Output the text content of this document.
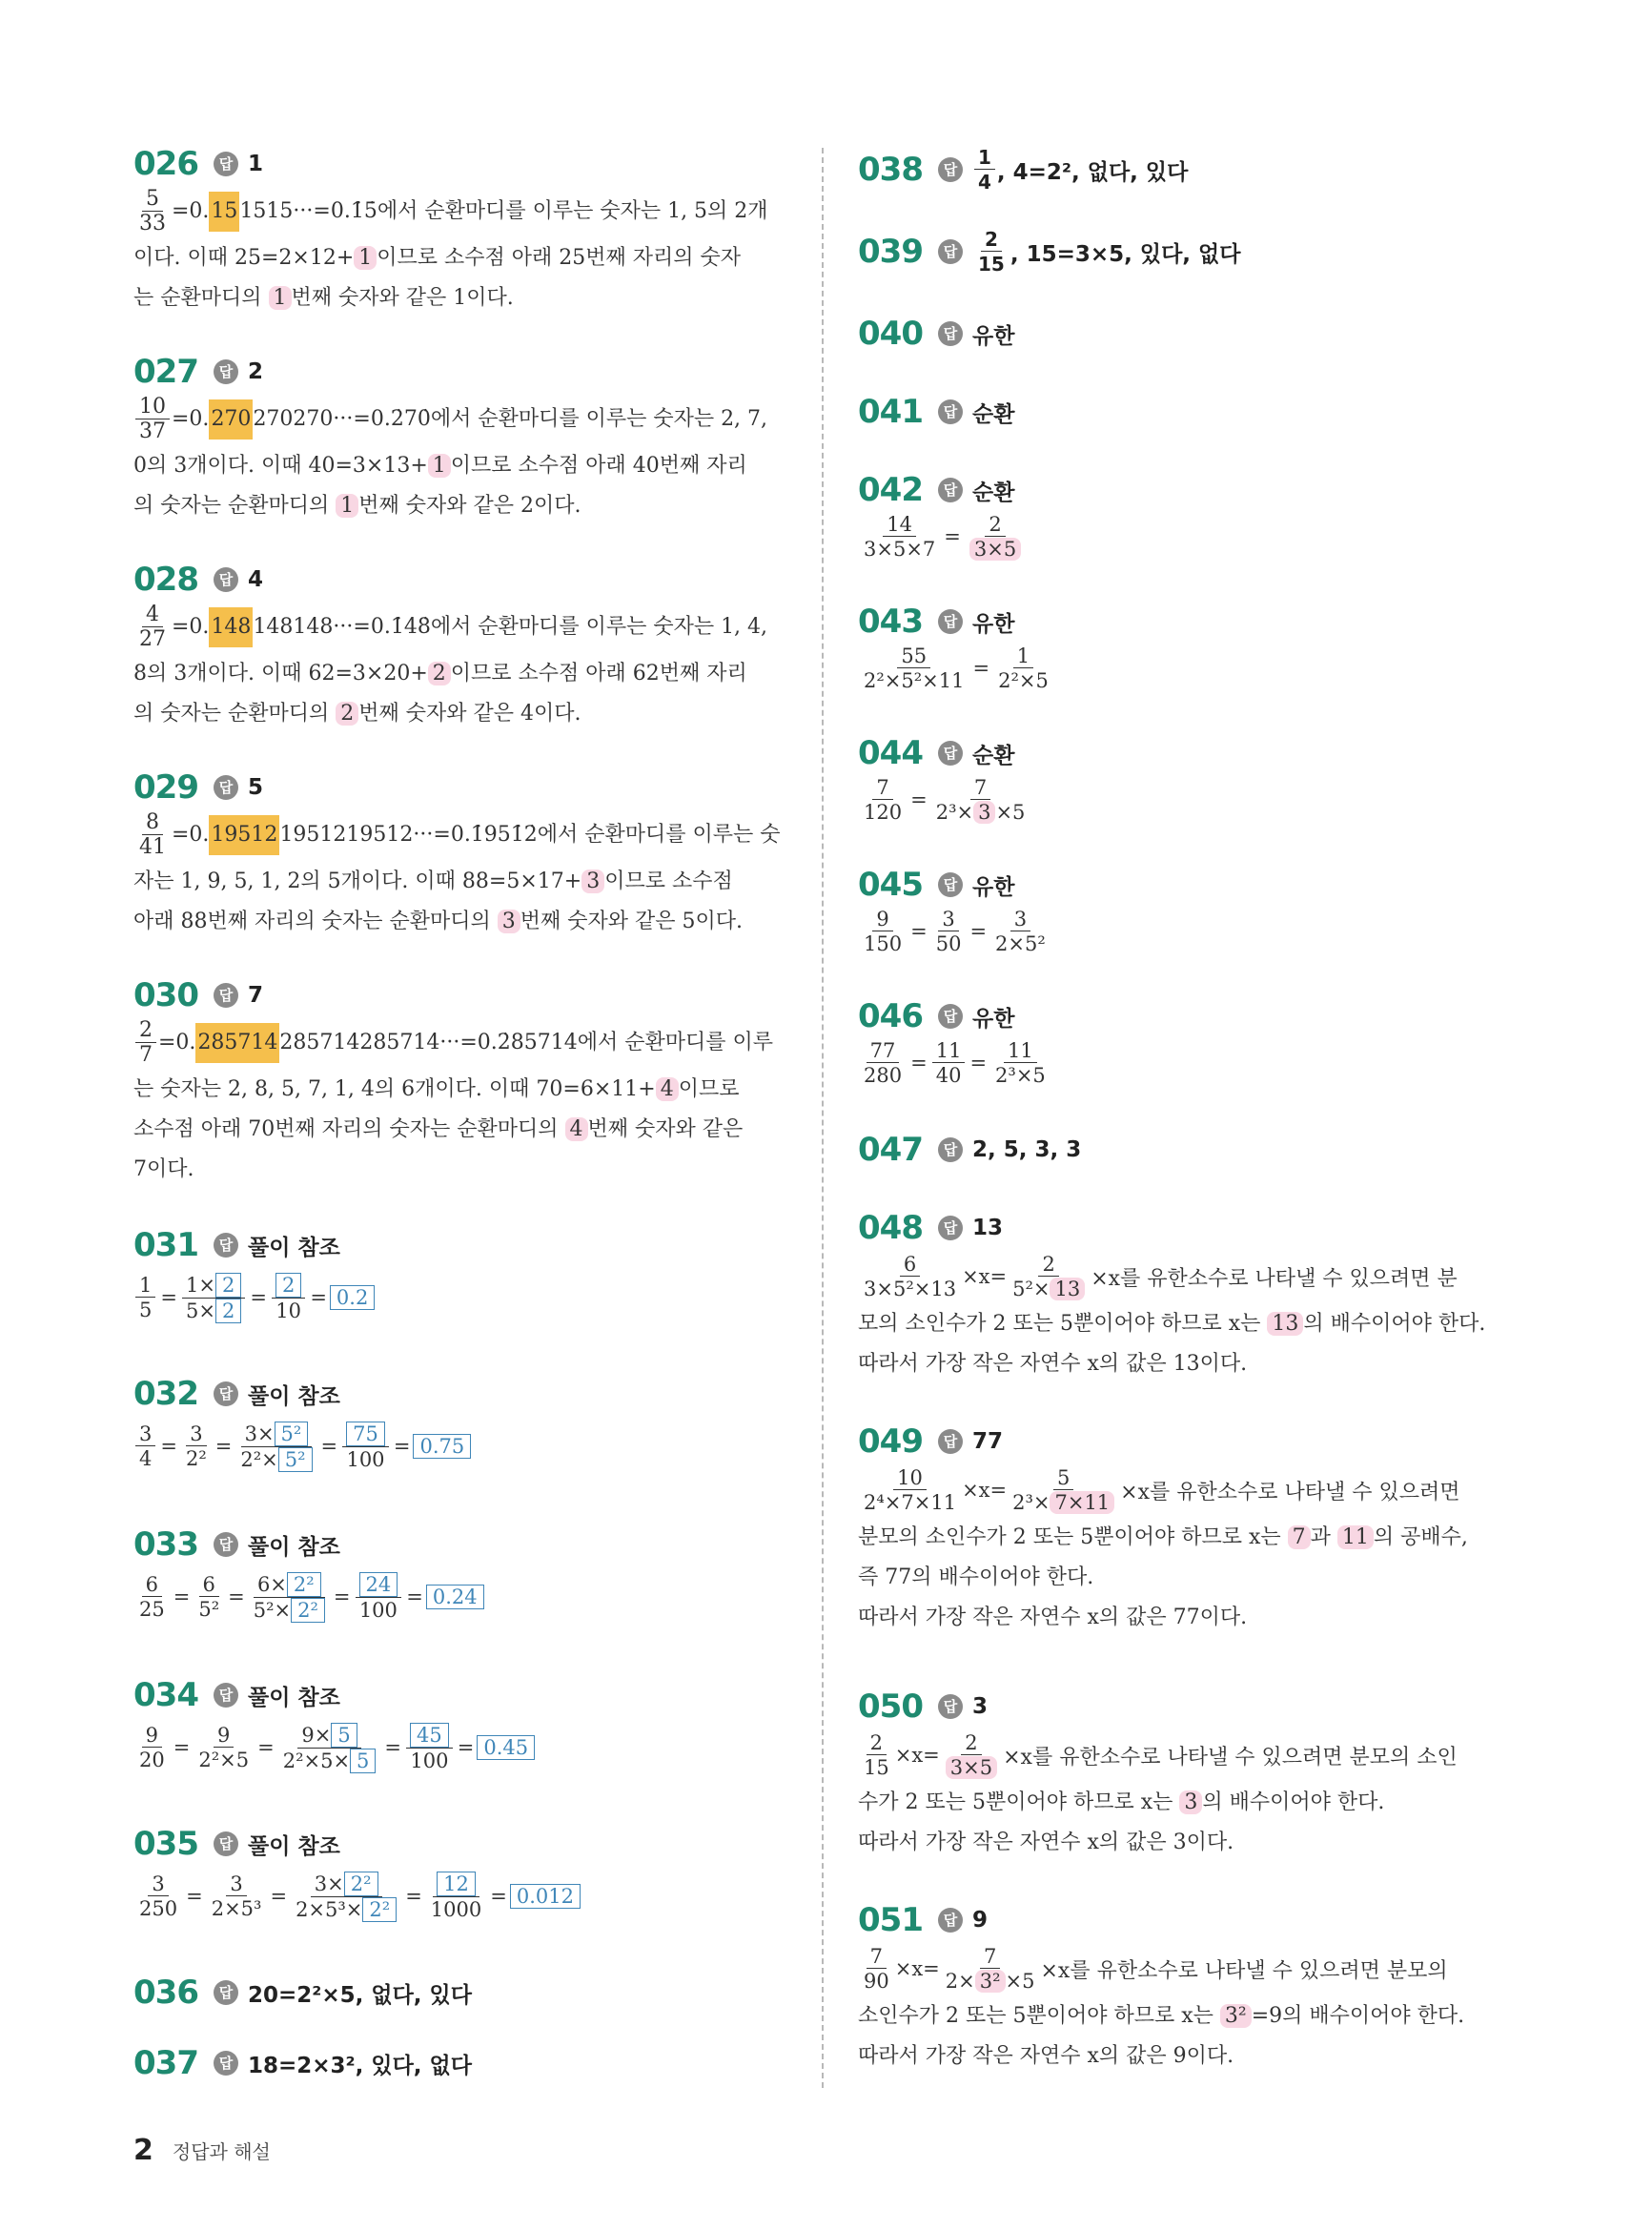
026	답 1
$\frac{5}{33} =0$. 15 1515···=0.1̇5̇에서 순환마디를 이루는 숫자는 1, 5의 2개
이다. 이때 25=2×12+ 1 이므로 소수점 아래 25번째 자리의 숫자
는 순환마디의 1 번째 숫자와 같은 1이다.
027	답 2
$\frac{10}{37} =0$. 270 270270···=0.2̇70̇에서 순환마디를 이루는 숫자는 2, 7,
0의 3개이다. 이때 40=3×13+ 1 이므로 소수점 아래 40번째 자리
의 숫자는 순환마디의 1 번째 숫자와 같은 2이다.
028	답 4
$\frac{4}{27} =0$. 148 148148···=0.1̇48̇에서 순환마디를 이루는 숫자는 1, 4,
8의 3개이다. 이때 62=3×20+ 2 이므로 소수점 아래 62번째 자리
의 숫자는 순환마디의 2 번째 숫자와 같은 4이다.
029	답 5
$\frac{8}{41} =0$. 19512 1951219512···=0.1̇951̇2̇에서 순환마디를 이루는 숫
자는 1, 9, 5, 1, 2의 5개이다. 이때 88=5×17+ 3 이므로 소수점
아래 88번째 자리의 숫자는 순환마디의 3 번째 숫자와 같은 5이다.
030	답 7
$\frac{2}{7} =0$. 285714 285714285714···=0.2̇85714̇에서 순환마디를 이루
는 숫자는 2, 8, 5, 7, 1, 4의 6개이다. 이때 70=6×11+ 4 이므로
소수점 아래 70번째 자리의 숫자는 순환마디의 4 번째 숫자와 같은
7이다.
031	답 풀이 참조
$\frac{1}{5} = \frac{1\times 2}{5\times 2} = \frac{2}{10} = 0.2$
032	답 풀이 참조
$\frac{3}{4} = \frac{3}{\text{2²}} = \frac{\text{3× 5²}}{\text{2²× 5²}} = \frac{75}{100} = 0.75$
033	답 풀이 참조
$\frac{6}{25} = \frac{6}{\text{5²}} = \frac{\text{6× 2²}}{\text{5²× 2²}} = \frac{24}{100} = 0.24$
034	답 풀이 참조
$\frac{9}{20} = \frac{9}{\text{2²×5}} = \frac{9\times 5}{\text{2²×5× 5}} = \frac{45}{100} = 0.45$
035	답 풀이 참조
$\frac{3}{250} = \frac{3}{\text{2×5³}} = \frac{\text{3× 2²}}{\text{2×5³× 2²}} = \frac{12}{1000} = 0.012$
036	답 20=2²×5, 없다, 있다
037	답 18=2×3², 있다, 없다
038	답
1
4 , 4=2², 없다, 있다
039	답
2
15 , 15=3×5, 있다, 없다
040	답 유한
041	답 순환
042	답 순환
$\frac{14}{3\times 5\times 7} = \frac{2}{3\times 5}$
043	답 유한
$\frac{55}{\text{2²×5²×11}} = \frac{1}{\text{2²×5}}$
044	답 순환
$\frac{7}{120} = \frac{7}{\text{2³× 3 ×5}}$
045	답 유한
$\frac{9}{150} = \frac{3}{50} = \frac{3}{\text{2×5²}}$
046	답 유한
$\frac{77}{280} = \frac{11}{40} = \frac{11}{\text{2³×5}}$
047	답 2, 5, 3, 3
048	답 13
$\frac{6}{\text{3×5²×13}} \times x= \frac{2}{\text{5²× 13}} \times x$를 유한소수로 나타낼 수 있으려면 분
모의 소인수가 2 또는 5뿐이어야 하므로 x는 13 의 배수이어야 한다.
따라서 가장 작은 자연수 x의 값은 13이다.
049	답 77
$\frac{10}{\text{2⁴×7×11}} \times x= \frac{5}{\text{2³× 7×11}} \times x$를 유한소수로 나타낼 수 있으려면
분모의 소인수가 2 또는 5뿐이어야 하므로 x는 7 과 11 의 공배수,
즉 77의 배수이어야 한다.
따라서 가장 작은 자연수 x의 값은 77이다.
050	답 3
$\frac{2}{15} \times x= \frac{2}{3\times 5} \times x$를 유한소수로 나타낼 수 있으려면 분모의 소인
수가 2 또는 5뿐이어야 하므로 x는 3 의 배수이어야 한다.
따라서 가장 작은 자연수 x의 값은 3이다.
051	답 9
$\frac{7}{90} \times x= \frac{7}{\text{2× 3² ×5}} \times x$를 유한소수로 나타낼 수 있으려면 분모의
소인수가 2 또는 5뿐이어야 하므로 x는 3² =9의 배수이어야 한다.
따라서 가장 작은 자연수 x의 값은 9이다.
2 정답과 해설
